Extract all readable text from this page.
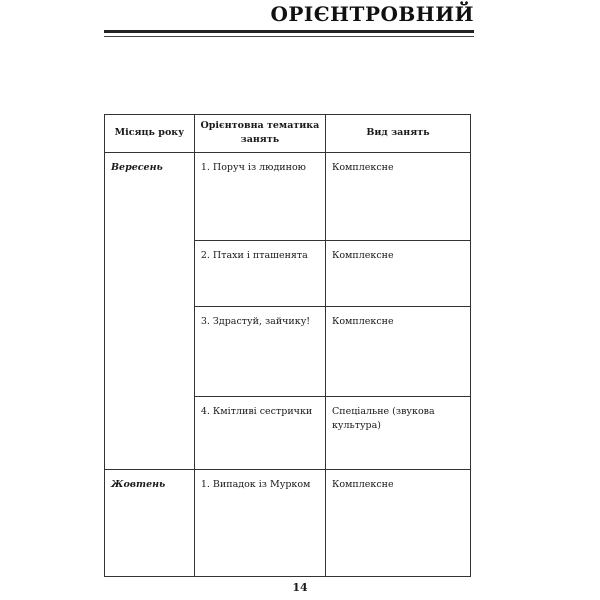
ОРІЄНТРОВНИЙ
Місяць року	Орієнтовна тематика занять	Вид занять
Вересень	1. Поруч із людиною	Комплексне
	2. Птахи і пташенята	Комплексне
	3. Здрастуй, зайчику!	Комплексне
	4. Кмітливі сестрички	Спеціальне (звукова культура)
Жовтень	1. Випадок із Мурком	Комплексне
14
